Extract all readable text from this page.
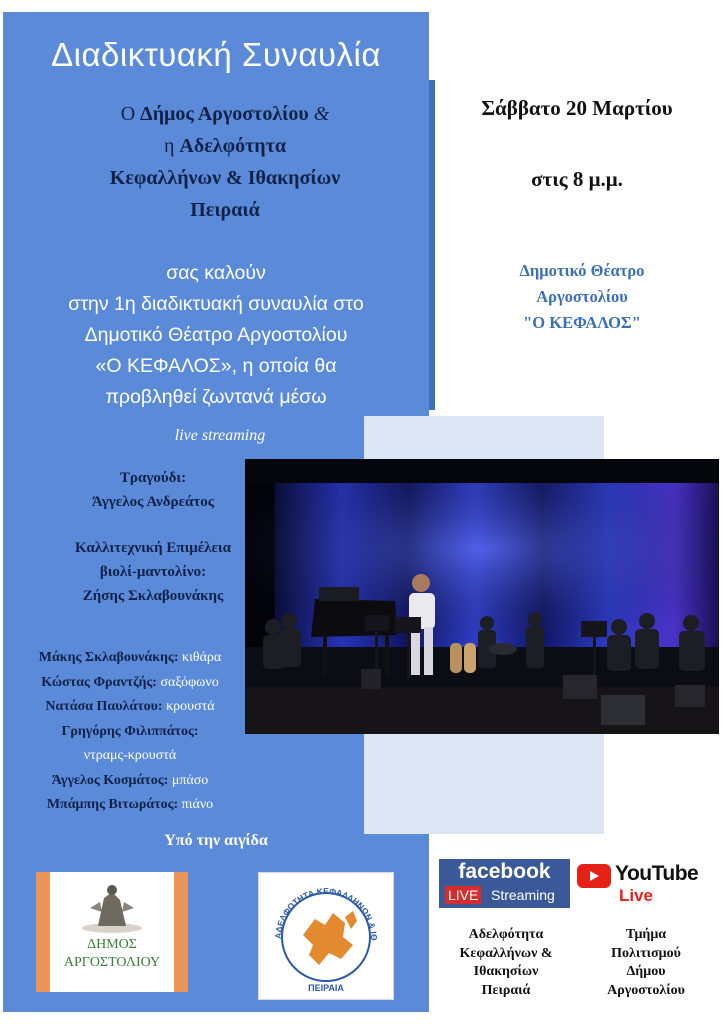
Διαδικτυακή Συναυλία
Ο Δήμος Αργοστολίου &
η Αδελφότητα
Κεφαλλήνων & Ιθακησίων
Πειραιά
σας καλούν
στην 1η διαδικτυακή συναυλία στο
Δημοτικό Θέατρο Αργοστολίου
«Ο ΚΕΦΑΛΟΣ», η οποία θα
προβληθεί ζωντανά μέσω
live streaming
Σάββατο 20 Μαρτίου
στις 8 μ.μ.
Δημοτικό Θέατρο
Αργοστολίου
"Ο ΚΕΦΑΛΟΣ"
Τραγούδι:
Άγγελος Ανδρεάτος
Καλλιτεχνική Επιμέλεια
βιολί-μαντολίνο:
Ζήσης Σκλαβουνάκης
Μάκης Σκλαβουνάκης: κιθάρα
Κώστας Φραντζής: σαξόφωνο
Νατάσα Παυλάτου: κρουστά
Γρηγόρης Φιλιππάτος:
ντραμς-κρουστά
Άγγελος Κοσμάτος: μπάσο
Μπάμπης Βιτωράτος: πιάνο
Υπό την αιγίδα
ΔΗΜΟΣ
ΑΡΓΟΣΤΟΛΙΟΥ
ΑΔΕΛΦΟΤΗΤΑ ΚΕΦΑΛΛΗΝΩΝ & ΙΘ
ΠΕΙΡΑΙΑ
facebook
LIVE Streaming
YouTube
Live
Αδελφότητα
Κεφαλλήνων &
Ιθακησίων
Πειραιά
Τμήμα
Πολιτισμού
Δήμου
Αργοστολίου
